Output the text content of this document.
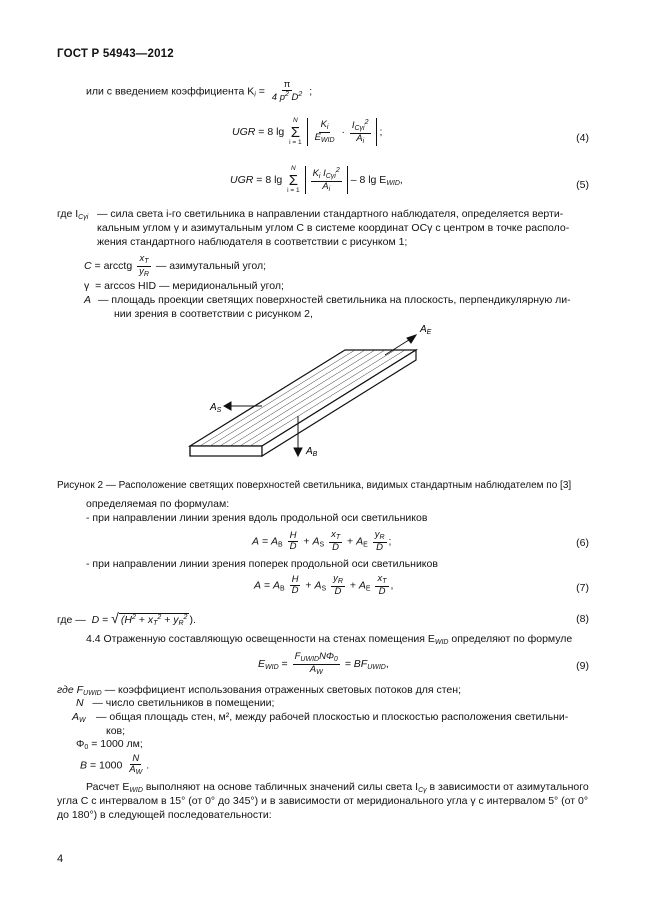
ГОСТ Р 54943—2012
или с введением коэффициента $K_i = \frac{\pi}{4 p^2 D^2}$ ;
UGR = 8 lg
N
Σ
i = 1
$\frac{K_i}{E_{WID}} \cdot \frac{I_{C\gamma i}^2}{A_i}$ ;
(4)
UGR = 8 lg
N
Σ
i = 1
$\frac{K_i I_{C\gamma i}^2}{A_i} - 8$ $\lg E_{WID}$,	(5)
где $I_{C\gamma i}$ — сила света i-го светильника в направлении стандартного наблюдателя, определяется верти-
кальным углом γ и азимутальным углом C в системе координат OCγ с центром в точке располо-
жения стандартного наблюдателя в соответствии с рисунком 1;
C = arcctg $\frac{x_T}{y_R}$ — азимутальный угол;
γ = arccos HID — меридиональный угол;
A — площадь проекции светящих поверхностей светильника на плоскость, перпендикулярную ли-
нии зрения в соответствии с рисунком 2,
$A_E$
$A_S$
$A_B$
Рисунок 2 — Расположение светящих поверхностей светильника, видимых стандартным наблюдателем по [3]
определяемая по формулам:
- при направлении линии зрения вдоль продольной оси светильников
$A = A_B \frac{H}{D} + A_S \frac{x_T}{D} + A_E \frac{y_R}{D}$ ;	(6)
- при направлении линии зрения поперек продольной оси светильников
$A = A_B \frac{H}{D} + A_S \frac{y_R}{D} + A_E \frac{x_T}{D}$ ,	(7)
где — D = √ ($H^2 + x_T^2 + y_R^2$ ).	(8)
4.4 Отраженную составляющую освещенности на стенах помещения $E_{WID}$ определяют по формуле
$E_{WID} = \frac{F_{UWID}N\Phi_0}{A_W} = BF_{UWID}$,	(9)
где $F_{UWID}$ — коэффициент использования отраженных световых потоков для стен;
N — число светильников в помещении;
$A_W$ — общая площадь стен, м², между рабочей плоскостью и плоскостью расположения светильни-
ков;
$\Phi_0 = 1000$ лм;
$B = 1000 \frac{N}{A_W}$ .
Расчет $E_{WID}$ выполняют на основе табличных значений силы света $I_{C\gamma}$ в зависимости от азимутального
угла C с интервалом в 15° (от 0° до 345°) и в зависимости от меридионального угла γ с интервалом 5° (от 0°
до 180°) в следующей последовательности:
4
